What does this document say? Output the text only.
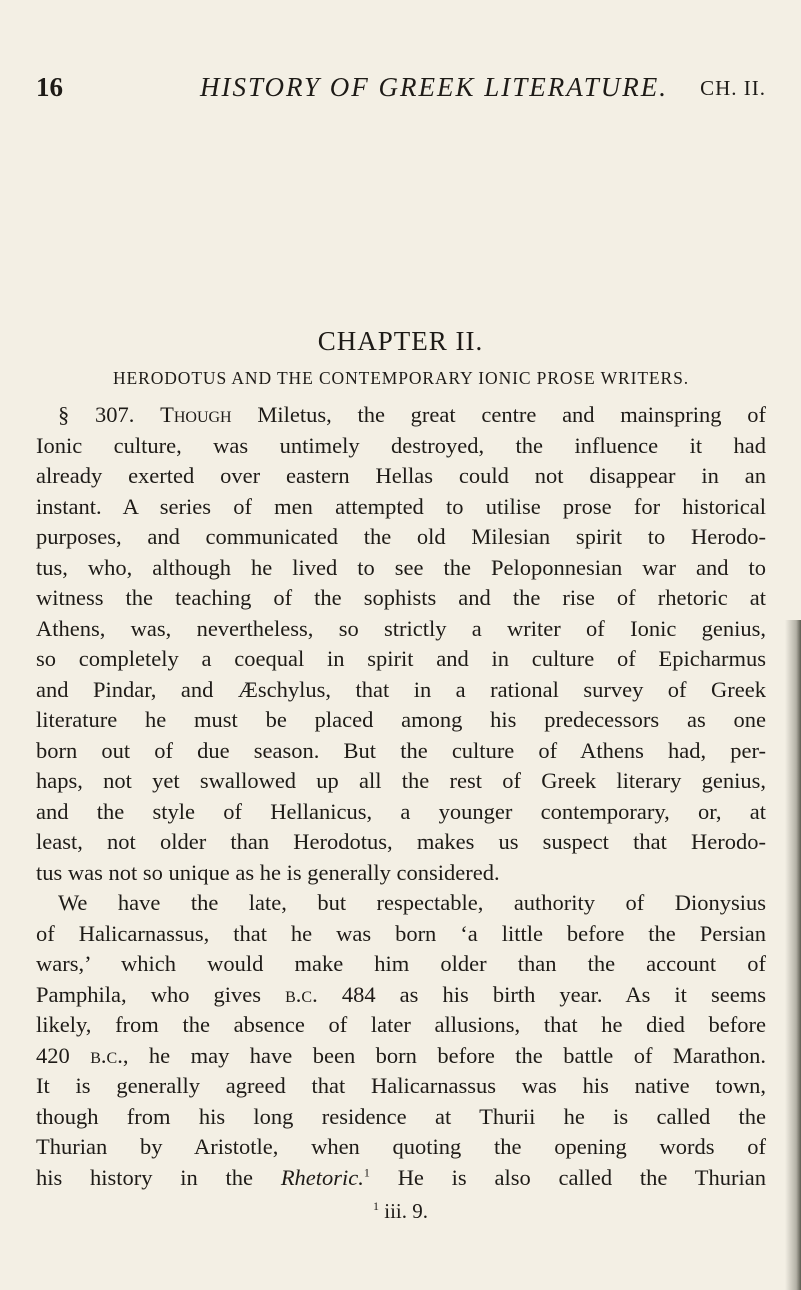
16	HISTORY OF GREEK LITERATURE. CH. II.
CHAPTER II.
HERODOTUS AND THE CONTEMPORARY IONIC PROSE WRITERS.
§ 307. Though Miletus, the great centre and mainspring of
Ionic culture, was untimely destroyed, the influence it had
already exerted over eastern Hellas could not disappear in an
instant. A series of men attempted to utilise prose for historical
purposes, and communicated the old Milesian spirit to Herodo-
tus, who, although he lived to see the Peloponnesian war and to
witness the teaching of the sophists and the rise of rhetoric at
Athens, was, nevertheless, so strictly a writer of Ionic genius,
so completely a coequal in spirit and in culture of Epicharmus
and Pindar, and Æschylus, that in a rational survey of Greek
literature he must be placed among his predecessors as one
born out of due season. But the culture of Athens had, per-
haps, not yet swallowed up all the rest of Greek literary genius,
and the style of Hellanicus, a younger contemporary, or, at
least, not older than Herodotus, makes us suspect that Herodo-
tus was not so unique as he is generally considered.
We have the late, but respectable, authority of Dionysius
of Halicarnassus, that he was born ‘a little before the Persian
wars,’ which would make him older than the account of
Pamphila, who gives b.c. 484 as his birth year. As it seems
likely, from the absence of later allusions, that he died before
420 b.c., he may have been born before the battle of Marathon.
It is generally agreed that Halicarnassus was his native town,
though from his long residence at Thurii he is called the
Thurian by Aristotle, when quoting the opening words of
his history in the Rhetoric.$^1$ He is also called the Thurian
$^1$ iii. 9.
